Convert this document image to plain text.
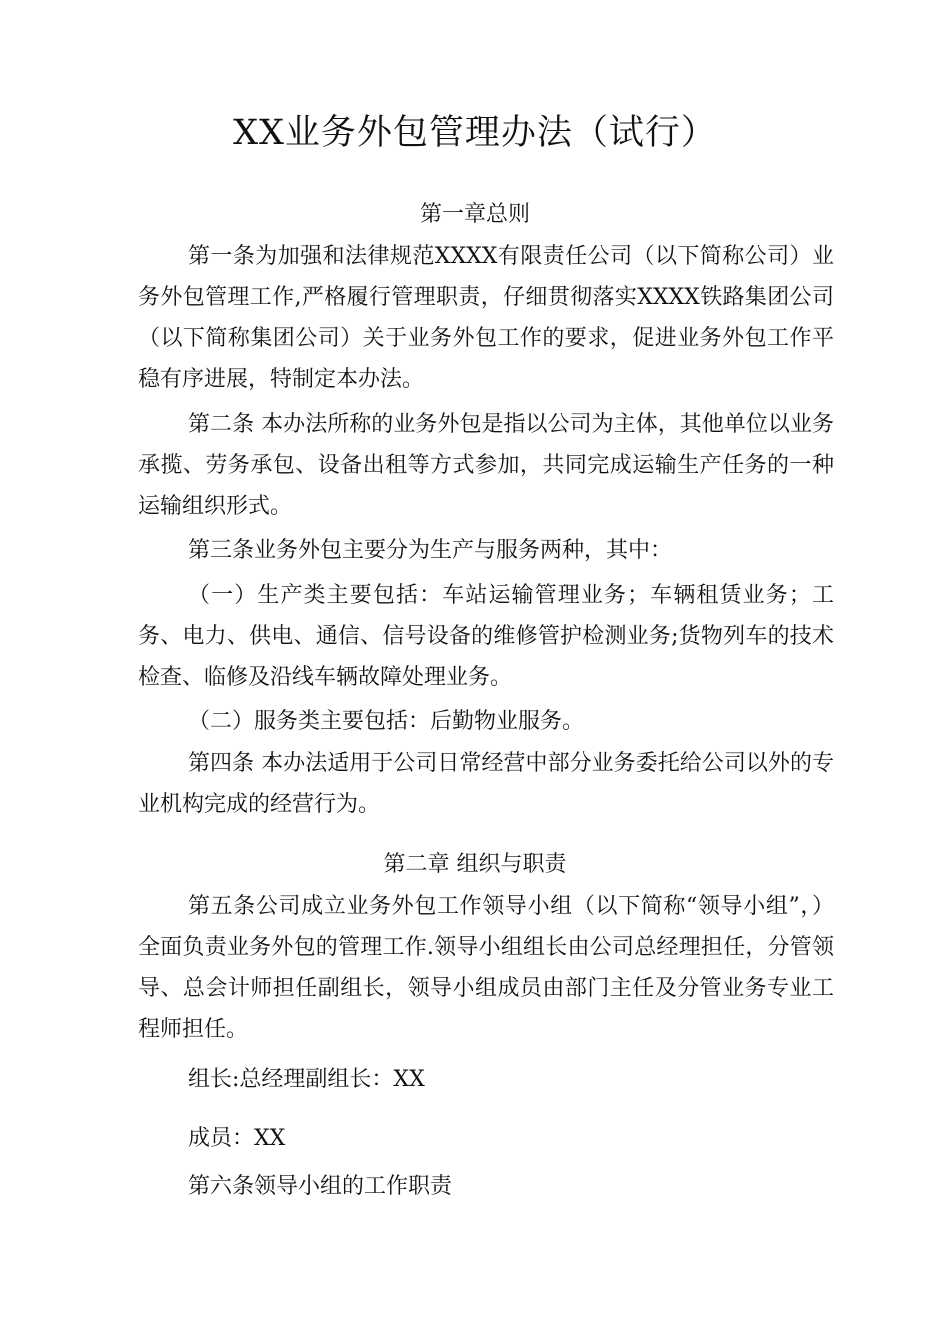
XX业务外包管理办法（试行）
第一章总则

第一条为加强和法律规范XXXX有限责任公司（以下简称公司）业务外包管理工作,严格履行管理职责，仔细贯彻落实XXXX铁路集团公司（以下简称集团公司）关于业务外包工作的要求，促进业务外包工作平稳有序进展，特制定本办法。

第二条 本办法所称的业务外包是指以公司为主体，其他单位以业务承揽、劳务承包、设备出租等方式参加，共同完成运输生产任务的一种运输组织形式。

第三条业务外包主要分为生产与服务两种，其中：

（一）生产类主要包括：车站运输管理业务；车辆租赁业务；工务、电力、供电、通信、信号设备的维修管护检测业务;货物列车的技术检查、临修及沿线车辆故障处理业务。

（二）服务类主要包括：后勤物业服务。

第四条 本办法适用于公司日常经营中部分业务委托给公司以外的专业机构完成的经营行为。

第二章 组织与职责

第五条公司成立业务外包工作领导小组（以下简称“领导小组”，）全面负责业务外包的管理工作.领导小组组长由公司总经理担任，分管领导、总会计师担任副组长，领导小组成员由部门主任及分管业务专业工程师担任。

组长:总经理副组长：XX

成员：XX

第六条领导小组的工作职责
